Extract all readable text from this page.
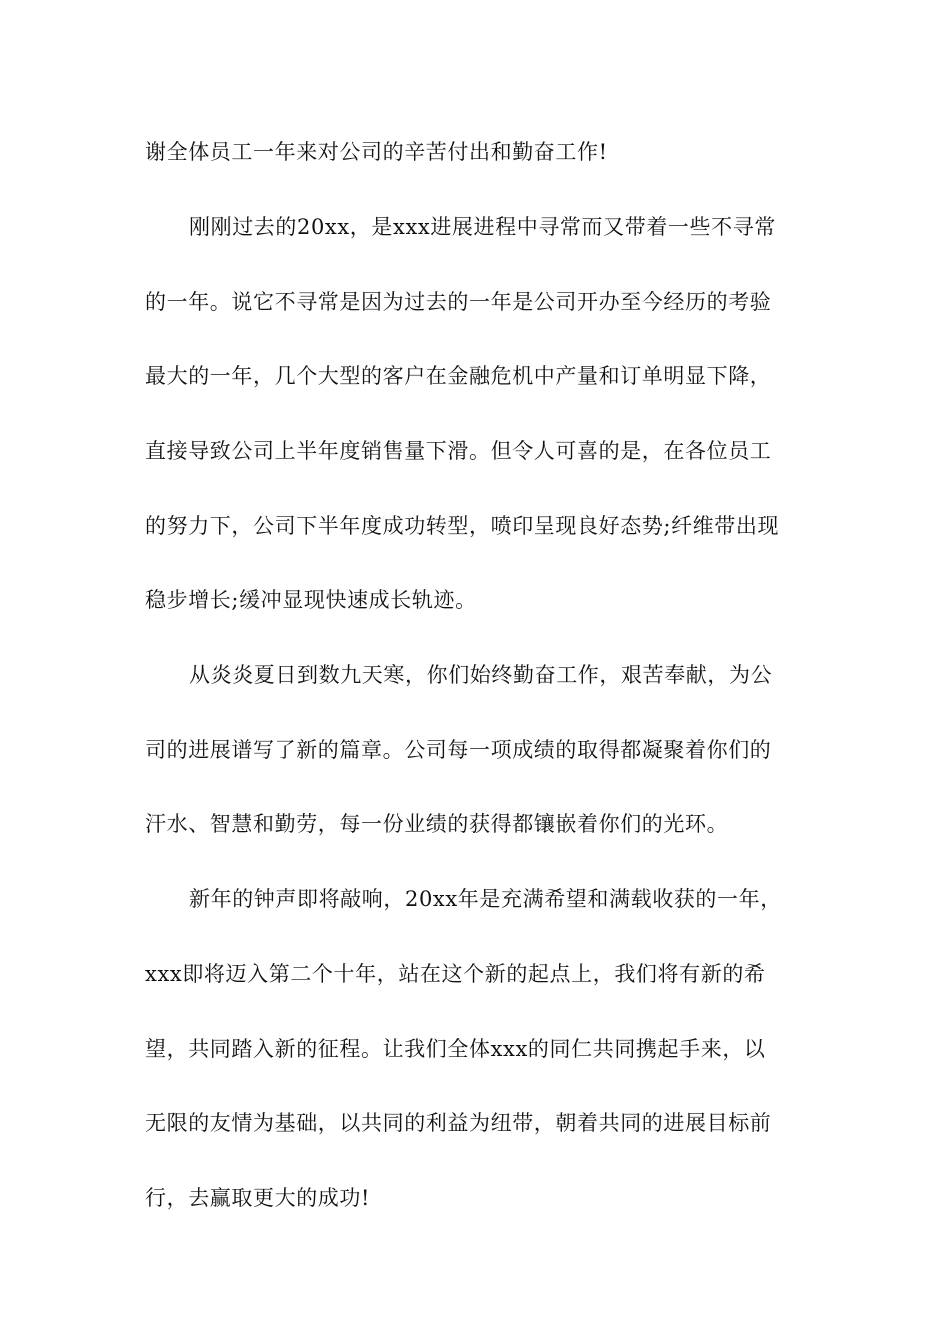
谢全体员工一年来对公司的辛苦付出和勤奋工作!
刚刚过去的20xx，是xxx进展进程中寻常而又带着一些不寻常
的一年。说它不寻常是因为过去的一年是公司开办至今经历的考验
最大的一年，几个大型的客户在金融危机中产量和订单明显下降，
直接导致公司上半年度销售量下滑。但令人可喜的是，在各位员工
的努力下，公司下半年度成功转型，喷印呈现良好态势;纤维带出现
稳步增长;缓冲显现快速成长轨迹。
从炎炎夏日到数九天寒，你们始终勤奋工作，艰苦奉献，为公
司的进展谱写了新的篇章。公司每一项成绩的取得都凝聚着你们的
汗水、智慧和勤劳，每一份业绩的获得都镶嵌着你们的光环。
新年的钟声即将敲响，20xx年是充满希望和满载收获的一年，
xxx即将迈入第二个十年，站在这个新的起点上，我们将有新的希
望，共同踏入新的征程。让我们全体xxx的同仁共同携起手来，以
无限的友情为基础，以共同的利益为纽带，朝着共同的进展目标前
行，去赢取更大的成功!
